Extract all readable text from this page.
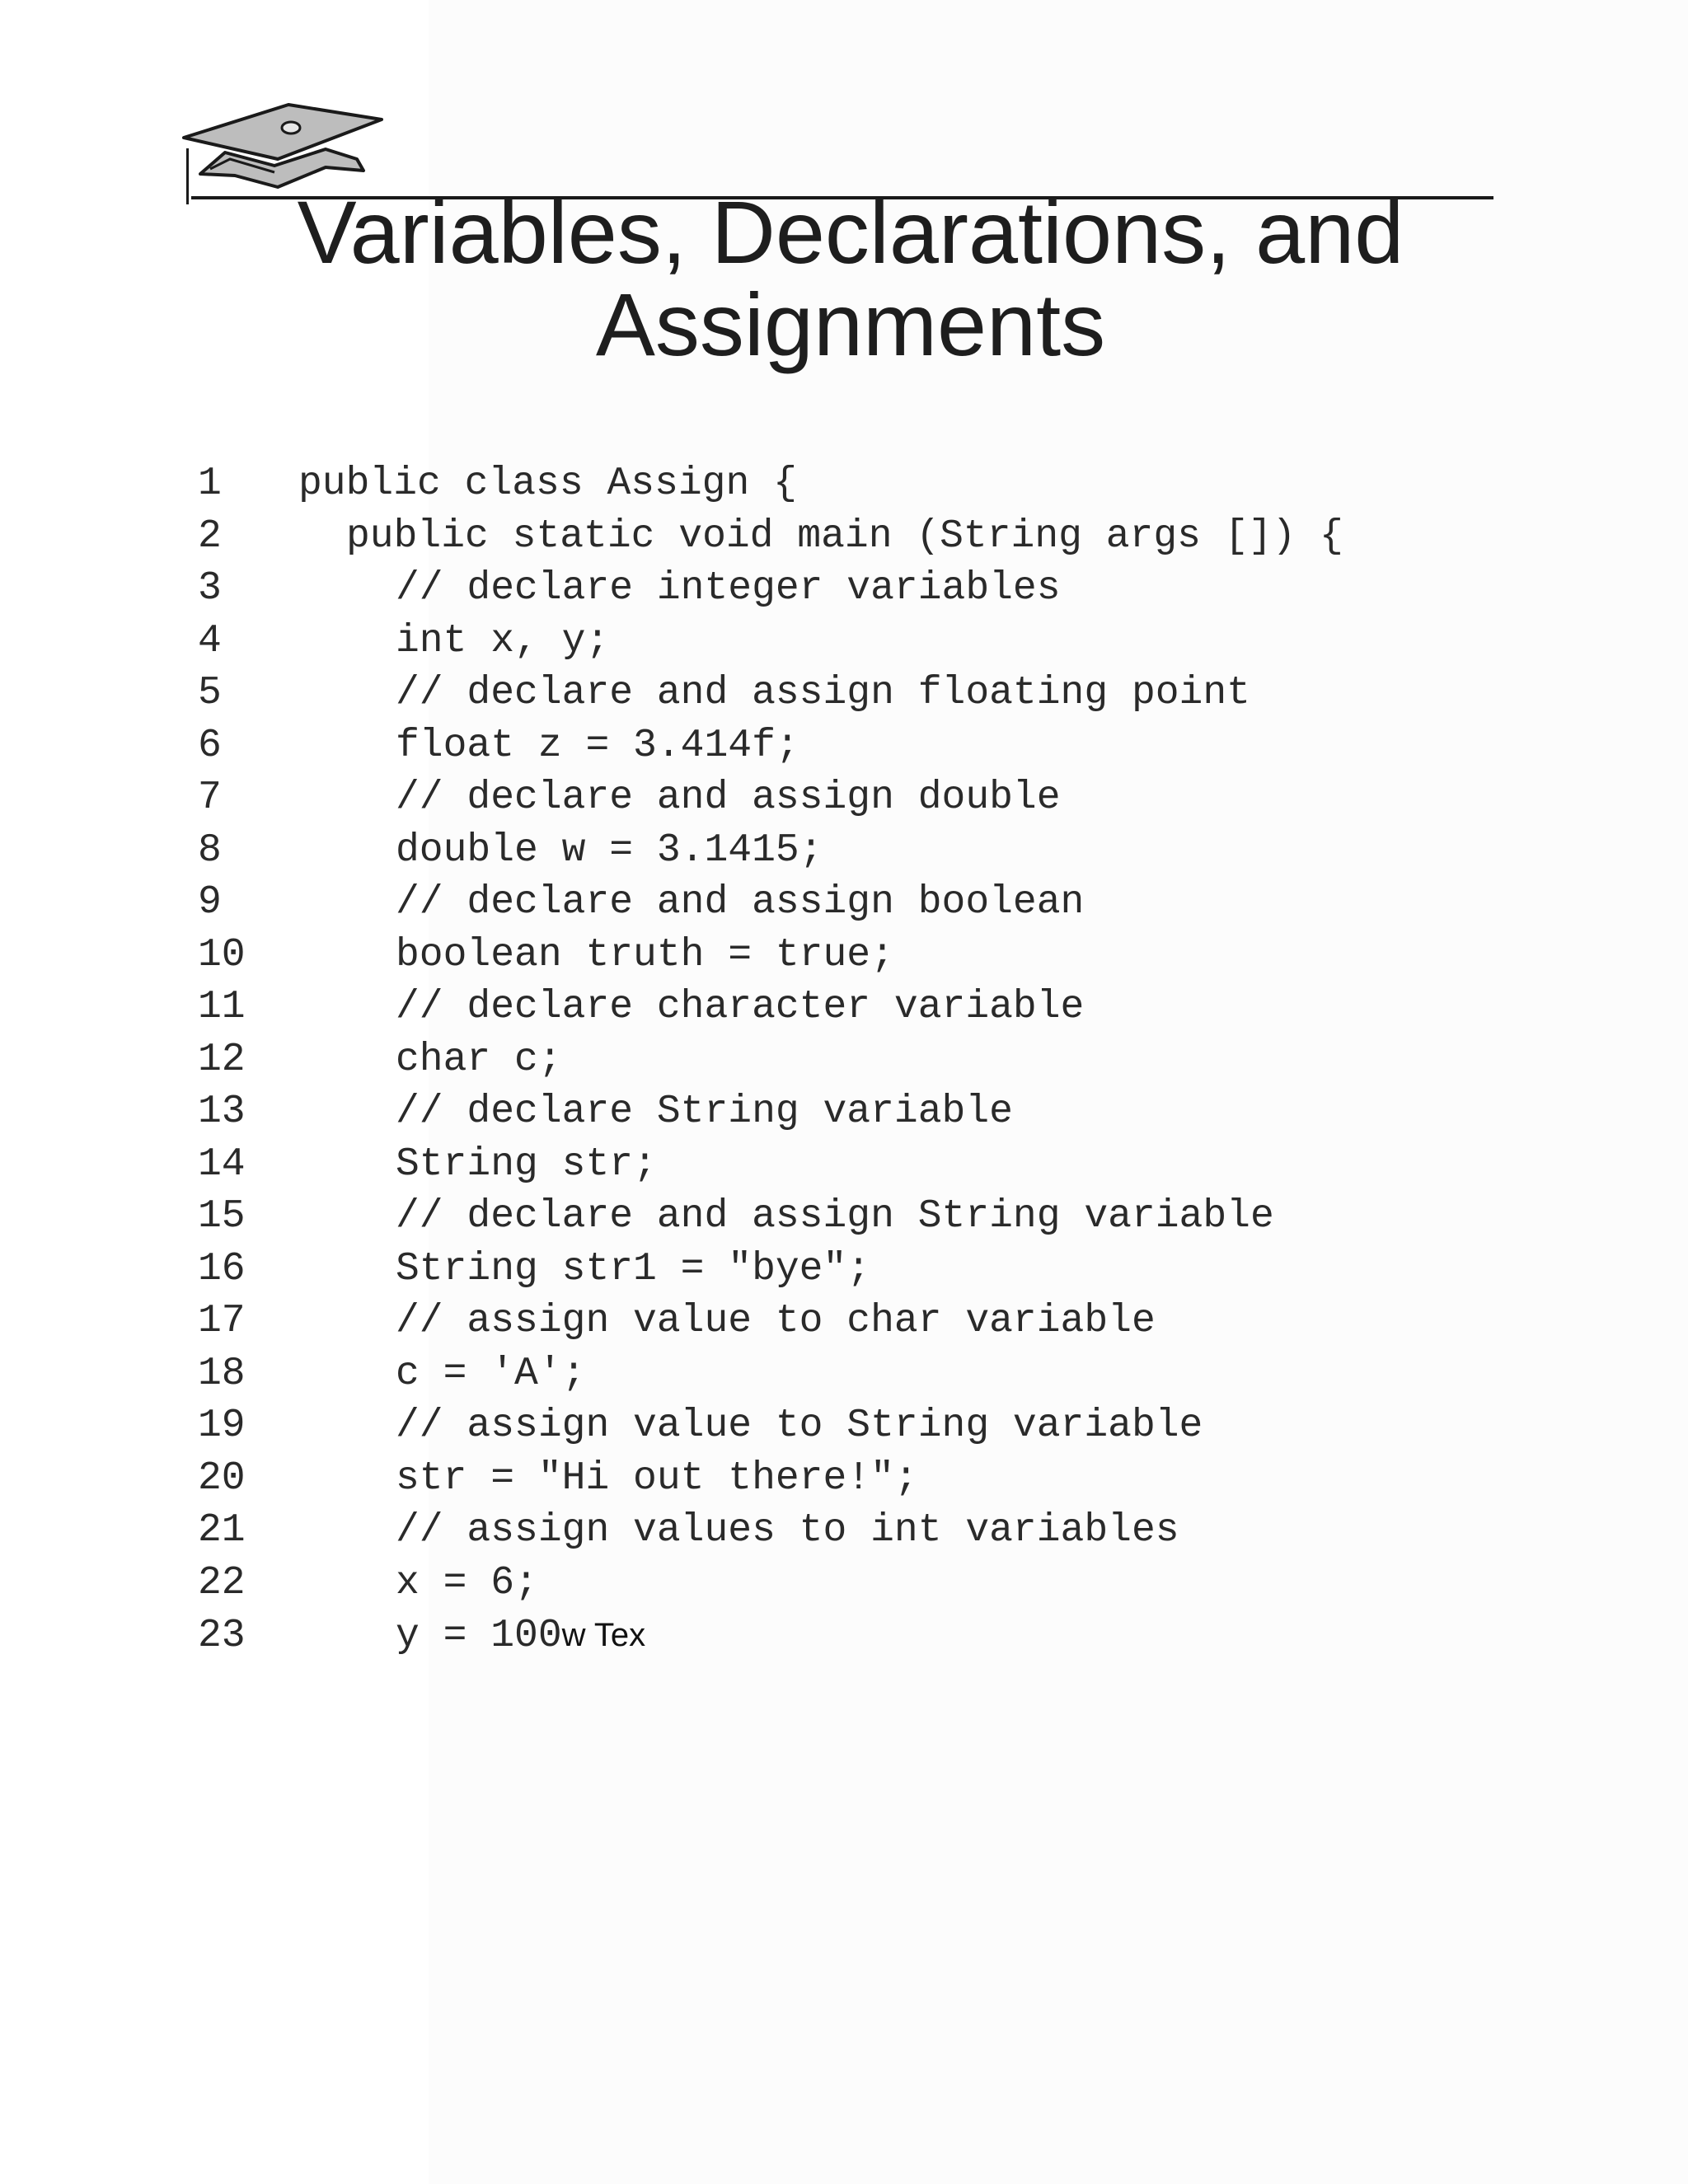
Variables, Declarations, and
Assignments
1 public class Assign {
2	public static void main (String args []) {
3	// declare integer variables
4	int x, y;
5	// declare and assign floating point
6	float z = 3.414f;
7	// declare and assign double
8	double w = 3.1415;
9	// declare and assign boolean
10	boolean truth = true;
11	// declare character variable
12	char c;
13	// declare String variable
14	String str;
15	// declare and assign String variable
16	String str1 = "bye";
17	// assign value to char variable
18	c = 'A';
19	// assign value to String variable
20	str = "Hi out there!";
21	// assign values to int variables
22	x = 6;
23	y = 100w Tex
